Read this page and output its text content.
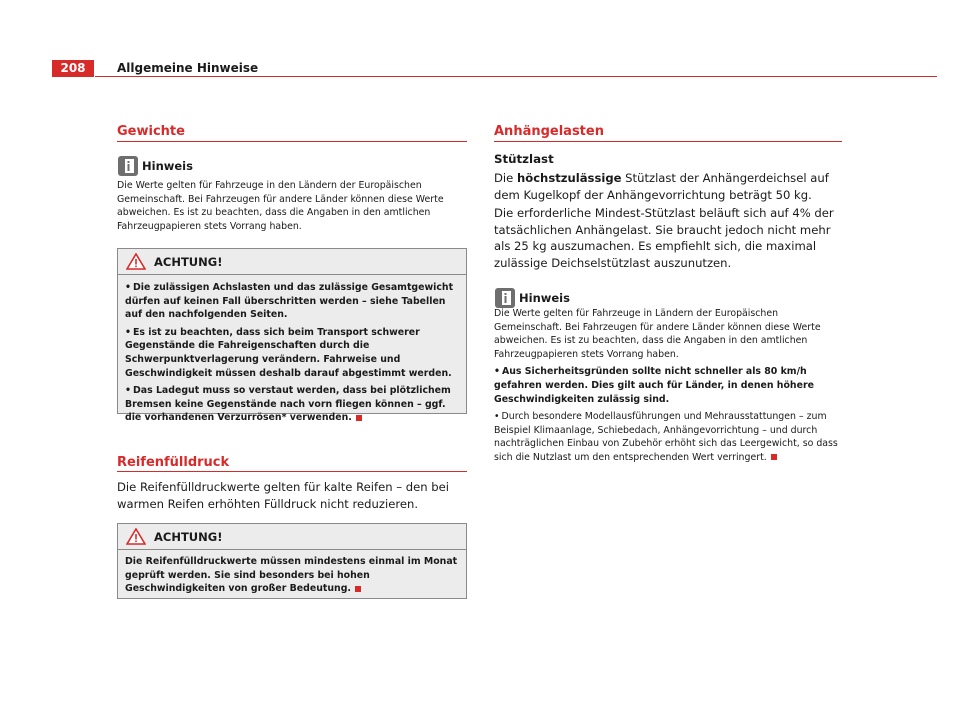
208	Allgemeine Hinweise
Gewichte
Hinweis
Die Werte gelten für Fahrzeuge in den Ländern der Europäischen Gemeinschaft. Bei Fahrzeugen für andere Länder können diese Werte abweichen. Es ist zu beachten, dass die Angaben in den amtlichen Fahrzeugpapieren stets Vorrang haben.
ACHTUNG!

• Die zulässigen Achslasten und das zulässige Gesamtgewicht dürfen auf keinen Fall überschritten werden – siehe Tabellen auf den nachfolgenden Seiten.

• Es ist zu beachten, dass sich beim Transport schwerer Gegenstände die Fahreigenschaften durch die Schwerpunktverlagerung verändern. Fahrweise und Geschwindigkeit müssen deshalb darauf abgestimmt werden.

• Das Ladegut muss so verstaut werden, dass bei plötzlichem Bremsen keine Gegenstände nach vorn fliegen können – ggf. die vorhandenen Verzurrösen* verwenden.

Reifenfülldruck
Die Reifenfülldruckwerte gelten für kalte Reifen – den bei warmen Reifen erhöhten Fülldruck nicht reduzieren.
ACHTUNG!

Die Reifenfülldruckwerte müssen mindestens einmal im Monat geprüft werden. Sie sind besonders bei hohen Geschwindigkeiten von großer Bedeutung.

Anhängelasten
Stützlast
Die höchstzulässige Stützlast der Anhängerdeichsel auf dem Kugelkopf der Anhängevorrichtung beträgt 50 kg.
Die erforderliche Mindest-Stützlast beläuft sich auf 4% der tatsächlichen Anhängelast. Sie braucht jedoch nicht mehr als 25 kg auszumachen. Es empfiehlt sich, die maximal zulässige Deichselstützlast auszunutzen.
Hinweis

Die Werte gelten für Fahrzeuge in Ländern der Europäischen Gemeinschaft. Bei Fahrzeugen für andere Länder können diese Werte abweichen. Es ist zu beachten, dass die Angaben in den amtlichen Fahrzeugpapieren stets Vorrang haben.

• Aus Sicherheitsgründen sollte nicht schneller als 80 km/h gefahren werden. Dies gilt auch für Länder, in denen höhere Geschwindigkeiten zulässig sind.

• Durch besondere Modellausführungen und Mehrausstattungen – zum Beispiel Klimaanlage, Schiebedach, Anhängevorrichtung – und durch nachträglichen Einbau von Zubehör erhöht sich das Leergewicht, so dass sich die Nutzlast um den entsprechenden Wert verringert.
